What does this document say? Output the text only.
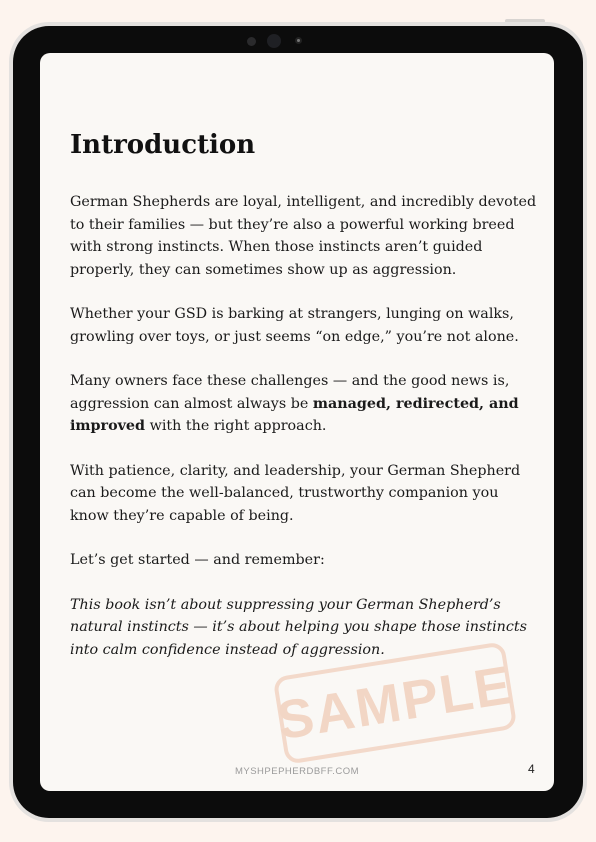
Introduction

German Shepherds are loyal, intelligent, and incredibly devoted to their families — but they’re also a powerful working breed with strong instincts. When those instincts aren’t guided properly, they can sometimes show up as aggression.

Whether your GSD is barking at strangers, lunging on walks, growling over toys, or just seems “on edge,” you’re not alone.

Many owners face these challenges — and the good news is, aggression can almost always be managed, redirected, and improved with the right approach.

With patience, clarity, and leadership, your German Shepherd can become the well-balanced, trustworthy companion you know they’re capable of being.

Let’s get started — and remember:

This book isn’t about suppressing your German Shepherd’s natural instincts — it’s about helping you shape those instincts into calm confidence instead of aggression.

SAMPLE
MYSHPEPHERDBFF.COM	4
